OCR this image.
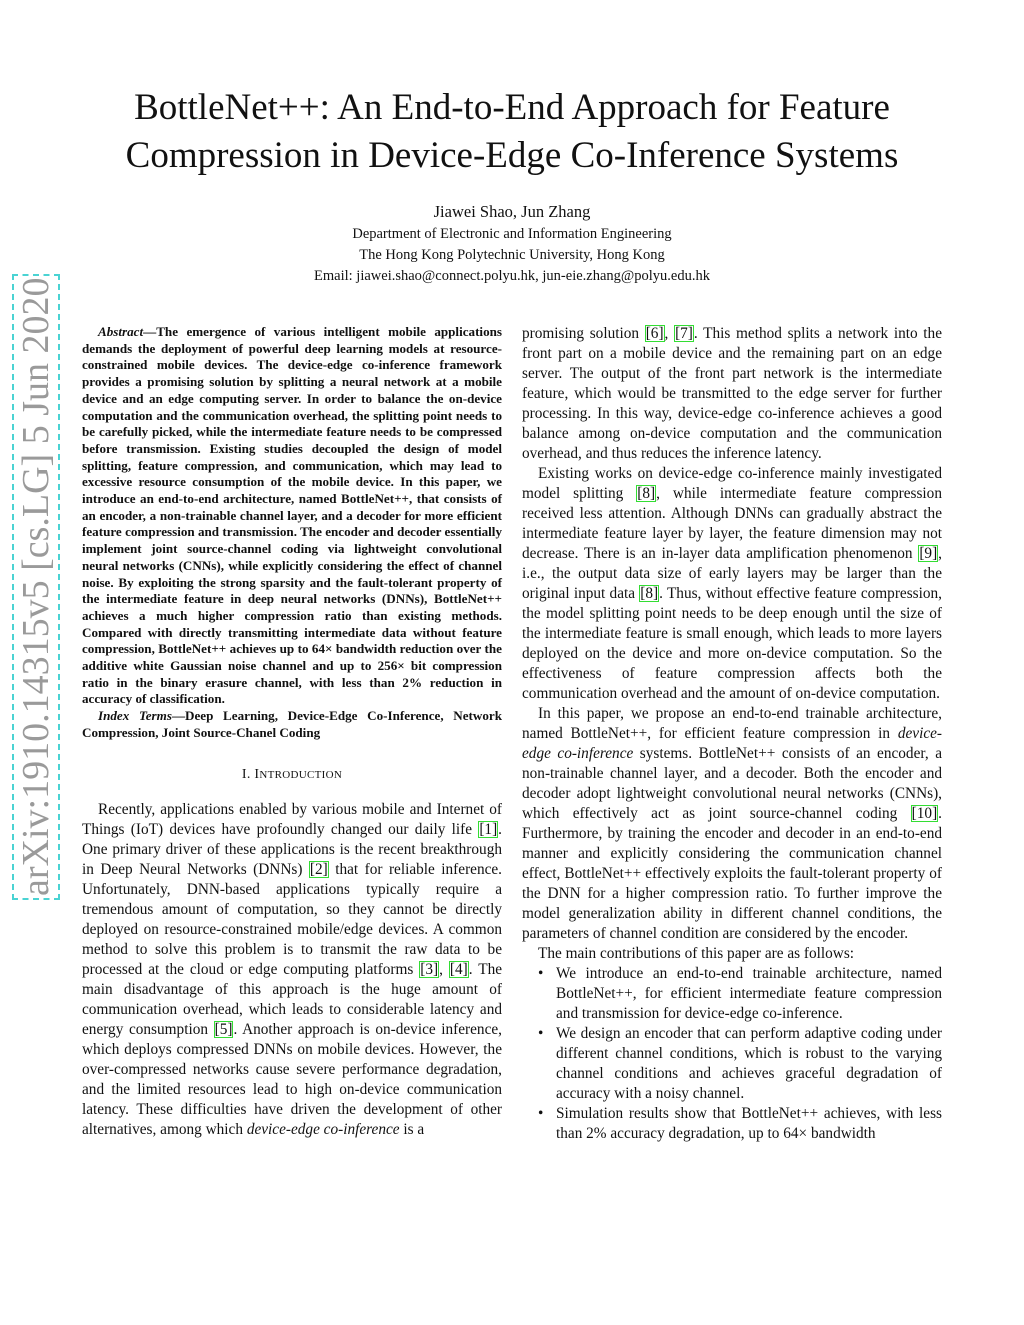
BottleNet++: An End-to-End Approach for Feature
Compression in Device-Edge Co-Inference Systems
Jiawei Shao, Jun Zhang
Department of Electronic and Information Engineering
The Hong Kong Polytechnic University, Hong Kong
Email: jiawei.shao@connect.polyu.hk, jun-eie.zhang@polyu.edu.hk
arXiv:1910.14315v5 [cs.LG] 5 Jun 2020	Abstract—The emergence of various intelligent mobile applications demands the deployment of powerful deep learning models at resource-constrained mobile devices. The device-edge co-inference framework provides a promising solution by splitting a neural network at a mobile device and an edge computing server. In order to balance the on-device computation and the communication overhead, the splitting point needs to be carefully picked, while the intermediate feature needs to be compressed before transmission. Existing studies decoupled the design of model splitting, feature compression, and communication, which may lead to excessive resource consumption of the mobile device. In this paper, we introduce an end-to-end architecture, named BottleNet++, that consists of an encoder, a non-trainable channel layer, and a decoder for more efficient feature compression and transmission. The encoder and decoder essentially implement joint source-channel coding via lightweight convolutional neural networks (CNNs), while explicitly considering the effect of channel noise. By exploiting the strong sparsity and the fault-tolerant property of the intermediate feature in deep neural networks (DNNs), BottleNet++ achieves a much higher compression ratio than existing methods. Compared with directly transmitting intermediate data without feature compression, BottleNet++ achieves up to 64× bandwidth reduction over the additive white Gaussian noise channel and up to 256× bit compression ratio in the binary erasure channel, with less than 2% reduction in accuracy of classification.

Index Terms—Deep Learning, Device-Edge Co-Inference, Network Compression, Joint Source-Chanel Coding

I. INTRODUCTION

Recently, applications enabled by various mobile and Internet of Things (IoT) devices have profoundly changed our daily life [1]. One primary driver of these applications is the recent breakthrough in Deep Neural Networks (DNNs) [2] that for reliable inference. Unfortunately, DNN-based applications typically require a tremendous amount of computation, so they cannot be directly deployed on resource-constrained mobile/edge devices. A common method to solve this problem is to transmit the raw data to be processed at the cloud or edge computing platforms [3], [4]. The main disadvantage of this approach is the huge amount of communication overhead, which leads to considerable latency and energy consumption [5]. Another approach is on-device inference, which deploys compressed DNNs on mobile devices. However, the over-compressed networks cause severe performance degradation, and the limited resources lead to high on-device communication latency. These difficulties have driven the development of other alternatives, among which device-edge co-inference is a

promising solution [6], [7]. This method splits a network into the front part on a mobile device and the remaining part on an edge server. The output of the front part network is the intermediate feature, which would be transmitted to the edge server for further processing. In this way, device-edge co-inference achieves a good balance among on-device computation and the communication overhead, and thus reduces the inference latency.

Existing works on device-edge co-inference mainly investigated model splitting [8], while intermediate feature compression received less attention. Although DNNs can gradually abstract the intermediate feature layer by layer, the feature dimension may not decrease. There is an in-layer data amplification phenomenon [9], i.e., the output data size of early layers may be larger than the original input data [8]. Thus, without effective feature compression, the model splitting point needs to be deep enough until the size of the intermediate feature is small enough, which leads to more layers deployed on the device and more on-device computation. So the effectiveness of feature compression affects both the communication overhead and the amount of on-device computation.

In this paper, we propose an end-to-end trainable architecture, named BottleNet++, for efficient feature compression in device-edge co-inference systems. BottleNet++ consists of an encoder, a non-trainable channel layer, and a decoder. Both the encoder and decoder adopt lightweight convolutional neural networks (CNNs), which effectively act as joint source-channel coding [10]. Furthermore, by training the encoder and decoder in an end-to-end manner and explicitly considering the communication channel effect, BottleNet++ effectively exploits the fault-tolerant property of the DNN for a higher compression ratio. To further improve the model generalization ability in different channel conditions, the parameters of channel condition are considered by the encoder.

The main contributions of this paper are as follows:

• We introduce an end-to-end trainable architecture, named BottleNet++, for efficient intermediate feature compression and transmission for device-edge co-inference.
• We design an encoder that can perform adaptive coding under different channel conditions, which is robust to the varying channel conditions and achieves graceful degradation of accuracy with a noisy channel.
• Simulation results show that BottleNet++ achieves, with less than 2% accuracy degradation, up to 64× bandwidth
